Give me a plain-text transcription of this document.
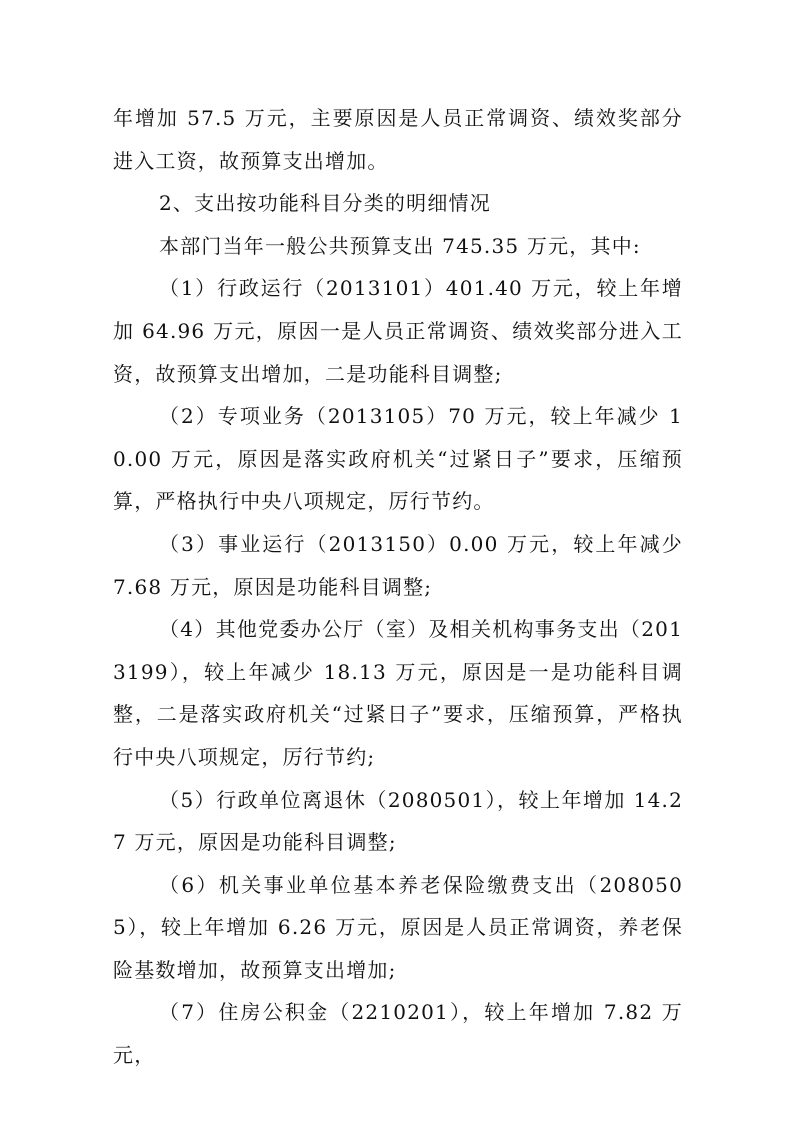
年增加 57.5 万元，主要原因是人员正常调资、绩效奖部分进入工资，故预算支出增加。

2、支出按功能科目分类的明细情况

本部门当年一般公共预算支出 745.35 万元，其中:

（1）行政运行（2013101）401.40 万元，较上年增加 64.96 万元，原因一是人员正常调资、绩效奖部分进入工资，故预算支出增加，二是功能科目调整;

（2）专项业务（2013105）70 万元，较上年减少 10.00 万元，原因是落实政府机关“过紧日子”要求，压缩预算，严格执行中央八项规定，厉行节约。

（3）事业运行（2013150）0.00 万元，较上年减少 7.68 万元，原因是功能科目调整;

（4）其他党委办公厅（室）及相关机构事务支出（2013199），较上年减少 18.13 万元，原因是一是功能科目调整，二是落实政府机关“过紧日子”要求，压缩预算，严格执行中央八项规定，厉行节约;

（5）行政单位离退休（2080501），较上年增加 14.27 万元，原因是功能科目调整;

（6）机关事业单位基本养老保险缴费支出（2080505），较上年增加 6.26 万元，原因是人员正常调资，养老保险基数增加，故预算支出增加;

（7）住房公积金（2210201），较上年增加 7.82 万元，
